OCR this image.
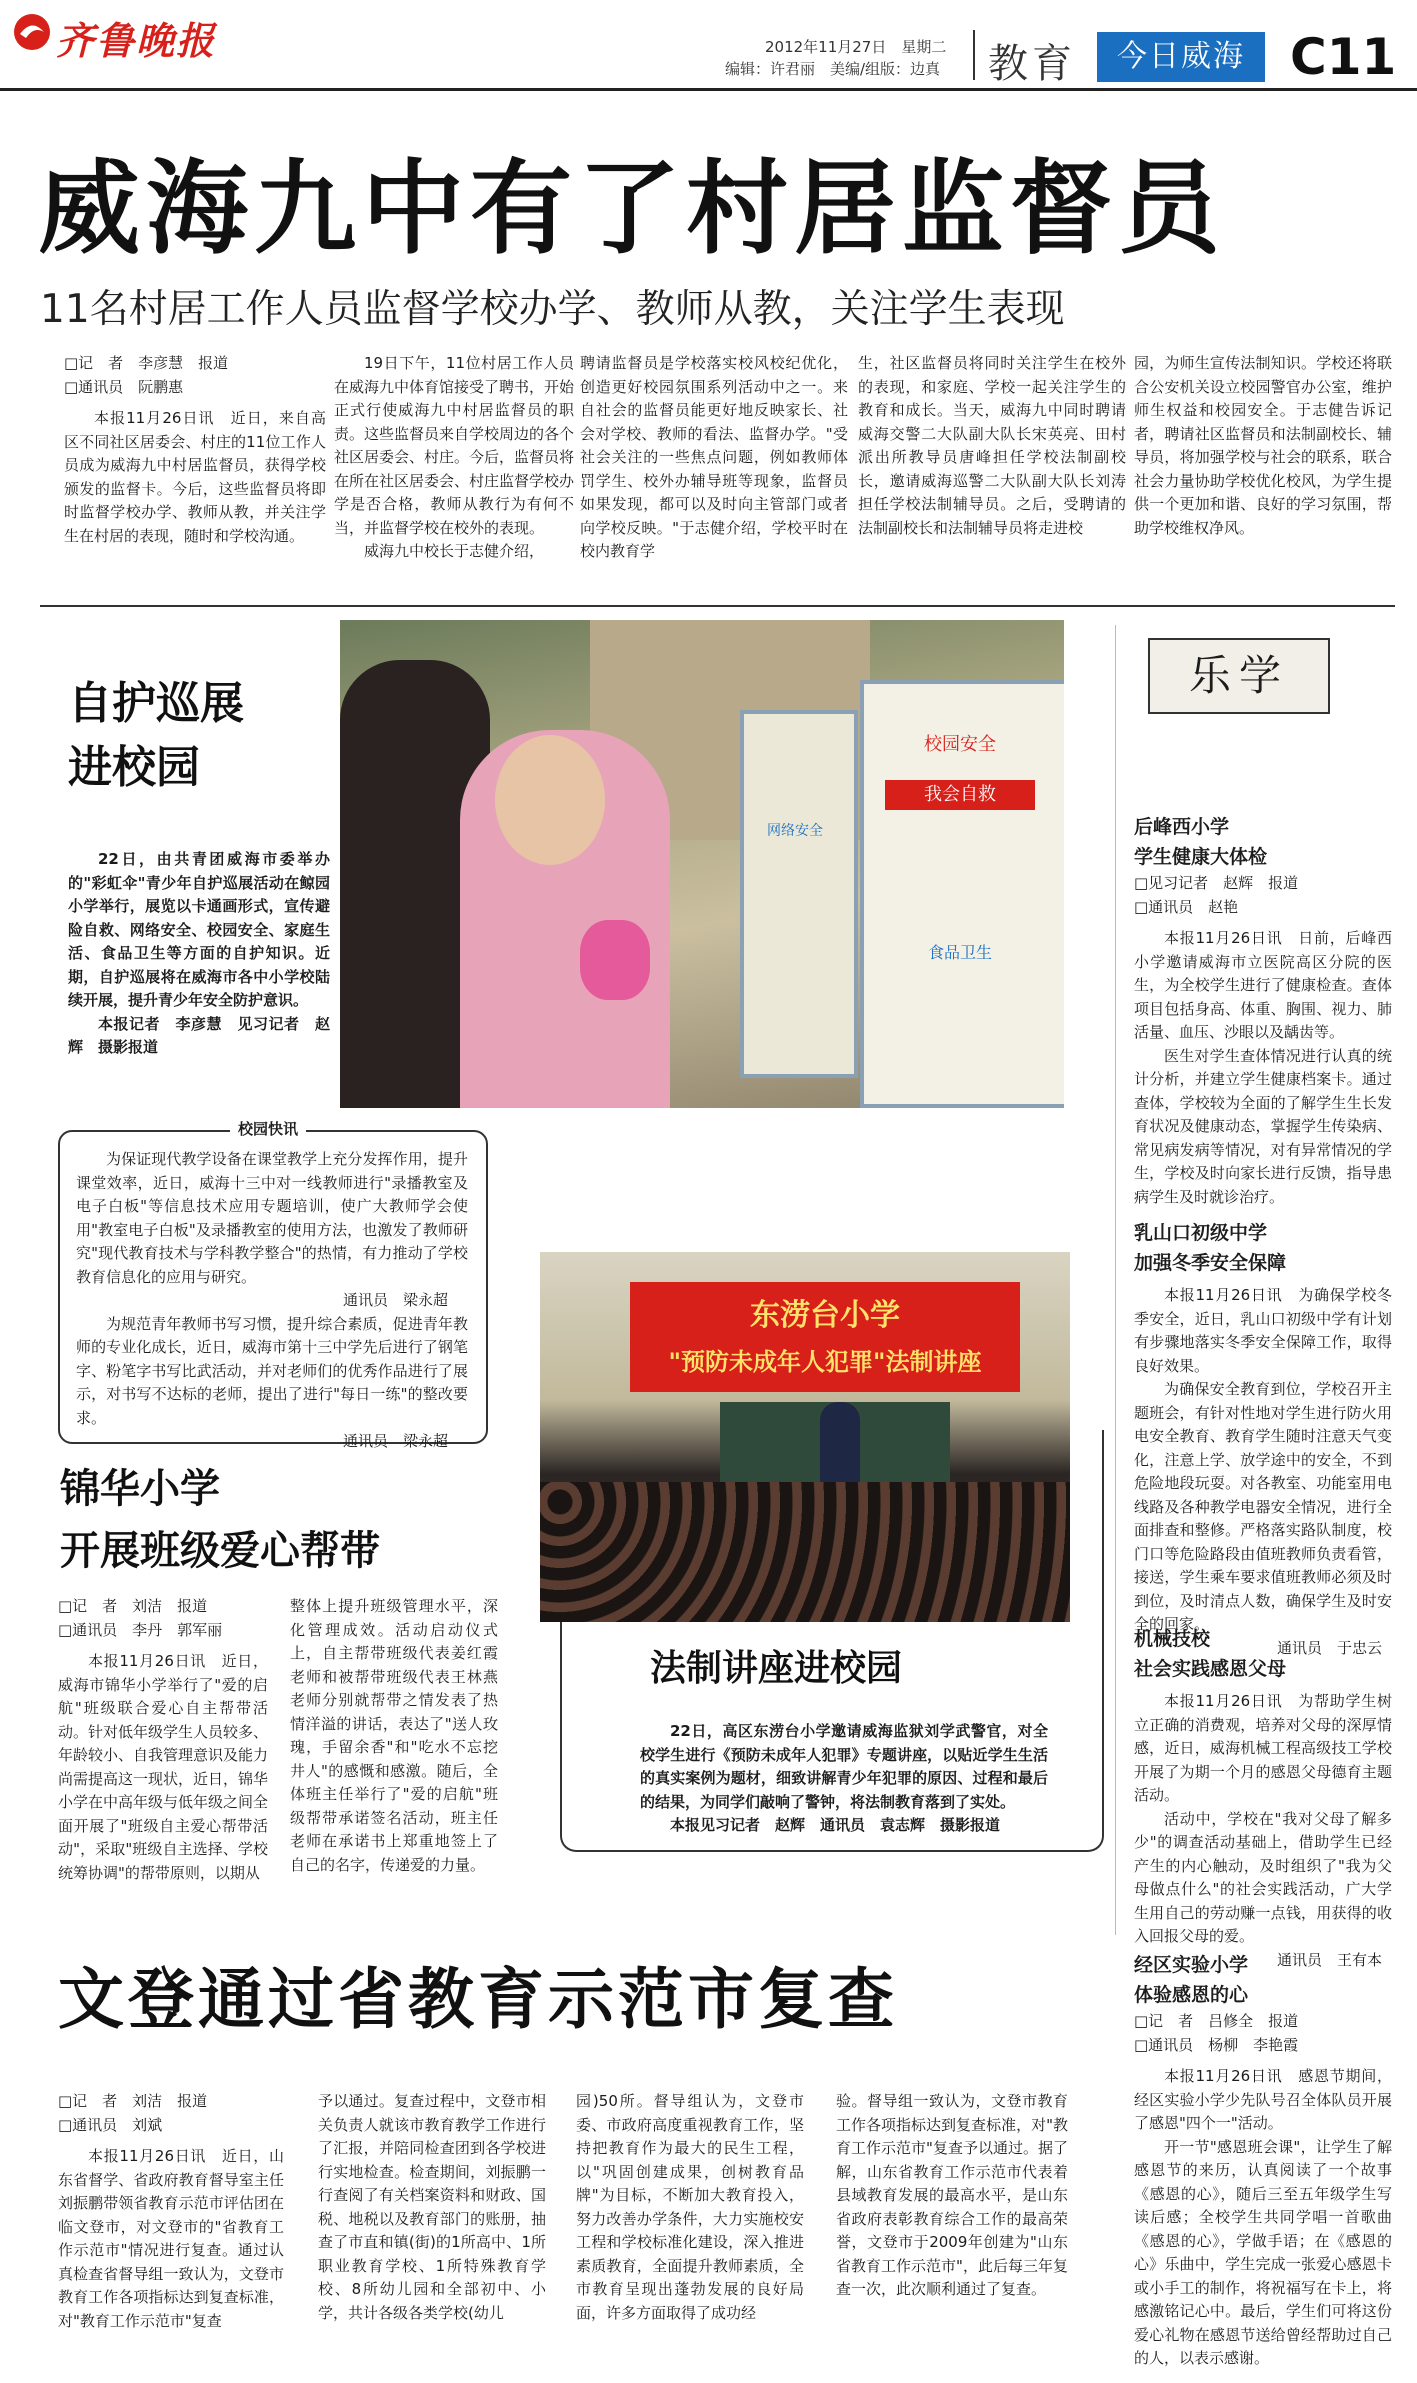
齐鲁晚报	2012年11月27日　星期二
编辑：许君丽　美编/组版：边真 教育	今日威海 C11
威海九中有了村居监督员
11名村居工作人员监督学校办学、教师从教，关注学生表现
□记　者　李彦慧　报道
□通讯员　阮鹏惠

本报11月26日讯　近日，来自高区不同社区居委会、村庄的11位工作人员成为威海九中村居监督员，获得学校颁发的监督卡。今后，这些监督员将即时监督学校办学、教师从教，并关注学生在村居的表现，随时和学校沟通。

19日下午，11位村居工作人员在威海九中体育馆接受了聘书，开始正式行使威海九中村居监督员的职责。这些监督员来自学校周边的各个社区居委会、村庄。今后，监督员将在所在社区居委会、村庄监督学校办学是否合格，教师从教行为有何不当，并监督学校在校外的表现。

威海九中校长于志健介绍，

聘请监督员是学校落实校风校纪优化，创造更好校园氛围系列活动中之一。来自社会的监督员能更好地反映家长、社会对学校、教师的看法、监督办学。"受社会关注的一些焦点问题，例如教师体罚学生、校外办辅导班等现象，监督员如果发现，都可以及时向主管部门或者向学校反映。"于志健介绍，学校平时在校内教育学

生，社区监督员将同时关注学生在校外的表现，和家庭、学校一起关注学生的教育和成长。当天，威海九中同时聘请威海交警二大队副大队长宋英亮、田村派出所教导员唐峰担任学校法制副校长，邀请威海巡警二大队副大队长刘涛担任学校法制辅导员。之后，受聘请的法制副校长和法制辅导员将走进校

园，为师生宣传法制知识。学校还将联合公安机关设立校园警官办公室，维护师生权益和校园安全。于志健告诉记者，聘请社区监督员和法制副校长、辅导员，将加强学校与社会的联系，联合社会力量协助学校优化校风，为学生提供一个更加和谐、良好的学习氛围，帮助学校维权净风。

自护巡展
进校园

22日，由共青团威海市委举办的"彩虹伞"青少年自护巡展活动在鲸园小学举行，展览以卡通画形式，宣传避险自救、网络安全、校园安全、家庭生活、食品卫生等方面的自护知识。近期，自护巡展将在威海市各中小学校陆续开展，提升青少年安全防护意识。

本报记者　李彦慧　见习记者　赵辉　摄影报道

我会自救
校园安全
食品卫生
网络安全
校园快讯

为保证现代教学设备在课堂教学上充分发挥作用，提升课堂效率，近日，威海十三中对一线教师进行"录播教室及电子白板"等信息技术应用专题培训，使广大教师学会使用"教室电子白板"及录播教室的使用方法，也激发了教师研究"现代教育技术与学科教学整合"的热情，有力推动了学校教育信息化的应用与研究。

通讯员　梁永超

为规范青年教师书写习惯，提升综合素质，促进青年教师的专业化成长，近日，威海市第十三中学先后进行了钢笔字、粉笔字书写比武活动，并对老师们的优秀作品进行了展示，对书写不达标的老师，提出了进行"每日一练"的整改要求。

通讯员　梁永超
锦华小学
开展班级爱心帮带
□记　者　刘洁　报道
□通讯员　李丹　郭军丽

本报11月26日讯　近日，威海市锦华小学举行了"爱的启航"班级联合爱心自主帮带活动。针对低年级学生人员较多、年龄较小、自我管理意识及能力尚需提高这一现状，近日，锦华小学在中高年级与低年级之间全面开展了"班级自主爱心帮带活动"，采取"班级自主选择、学校统筹协调"的帮带原则，以期从

整体上提升班级管理水平，深化管理成效。活动启动仪式上，自主帮带班级代表姜红霞老师和被帮带班级代表王林燕老师分别就帮带之情发表了热情洋溢的讲话，表达了"送人玫瑰，手留余香"和"吃水不忘挖井人"的感慨和感激。随后，全体班主任举行了"爱的启航"班级帮带承诺签名活动，班主任老师在承诺书上郑重地签上了自己的名字，传递爱的力量。

东涝台小学
"预防未成年人犯罪"法制讲座
法制讲座进校园

22日，高区东涝台小学邀请威海监狱刘学武警官，对全校学生进行《预防未成年人犯罪》专题讲座，以贴近学生生活的真实案例为题材，细致讲解青少年犯罪的原因、过程和最后的结果，为同学们敲响了警钟，将法制教育落到了实处。

本报见习记者　赵辉　通讯员　袁志辉　摄影报道

乐学
后峰西小学
学生健康大体检
□见习记者　赵辉　报道
□通讯员　赵艳

本报11月26日讯　日前，后峰西小学邀请威海市立医院高区分院的医生，为全校学生进行了健康检查。查体项目包括身高、体重、胸围、视力、肺活量、血压、沙眼以及龋齿等。

医生对学生查体情况进行认真的统计分析，并建立学生健康档案卡。通过查体，学校较为全面的了解学生生长发育状况及健康动态，掌握学生传染病、常见病发病等情况，对有异常情况的学生，学校及时向家长进行反馈，指导患病学生及时就诊治疗。

乳山口初级中学
加强冬季安全保障

本报11月26日讯　为确保学校冬季安全，近日，乳山口初级中学有计划有步骤地落实冬季安全保障工作，取得良好效果。

为确保安全教育到位，学校召开主题班会，有针对性地对学生进行防火用电安全教育、教育学生随时注意天气变化，注意上学、放学途中的安全，不到危险地段玩耍。对各教室、功能室用电线路及各种教学电器安全情况，进行全面排查和整修。严格落实路队制度，校门口等危险路段由值班教师负责看管，接送，学生乘车要求值班教师必须及时到位，及时清点人数，确保学生及时安全的回家。

通讯员　于忠云
机械技校
社会实践感恩父母

本报11月26日讯　为帮助学生树立正确的消费观，培养对父母的深厚情感，近日，威海机械工程高级技工学校开展了为期一个月的感恩父母德育主题活动。

活动中，学校在"我对父母了解多少"的调查活动基础上，借助学生已经产生的内心触动，及时组织了"我为父母做点什么"的社会实践活动，广大学生用自己的劳动赚一点钱，用获得的收入回报父母的爱。

通讯员　王有本
经区实验小学
体验感恩的心
□记　者　吕修全　报道
□通讯员　杨柳　李艳霞

本报11月26日讯　感恩节期间，经区实验小学少先队号召全体队员开展了感恩"四个一"活动。

开一节"感恩班会课"，让学生了解感恩节的来历，认真阅读了一个故事《感恩的心》，随后三至五年级学生写读后感；全校学生共同学唱一首歌曲《感恩的心》，学做手语；在《感恩的心》乐曲中，学生完成一张爱心感恩卡或小手工的制作，将祝福写在卡上，将感激铭记心中。最后，学生们可将这份爱心礼物在感恩节送给曾经帮助过自己的人，以表示感谢。

文登通过省教育示范市复查
□记　者　刘洁　报道
□通讯员　刘斌

本报11月26日讯　近日，山东省督学、省政府教育督导室主任刘振鹏带领省教育示范市评估团在临文登市，对文登市的"省教育工作示范市"情况进行复查。通过认真检查省督导组一致认为，文登市教育工作各项指标达到复查标准，对"教育工作示范市"复查

予以通过。复查过程中，文登市相关负责人就该市教育教学工作进行了汇报，并陪同检查团到各学校进行实地检查。检查期间，刘振鹏一行查阅了有关档案资料和财政、国税、地税以及教育部门的账册，抽查了市直和镇(街)的1所高中、1所职业教育学校、1所特殊教育学校、8所幼儿园和全部初中、小学，共计各级各类学校(幼儿

园)50所。督导组认为，文登市委、市政府高度重视教育工作，坚持把教育作为最大的民生工程，以"巩固创建成果，创树教育品牌"为目标，不断加大教育投入，努力改善办学条件，大力实施校安工程和学校标准化建设，深入推进素质教育，全面提升教师素质，全市教育呈现出蓬勃发展的良好局面，许多方面取得了成功经

验。督导组一致认为，文登市教育工作各项指标达到复查标准，对"教育工作示范市"复查予以通过。据了解，山东省教育工作示范市代表着县域教育发展的最高水平，是山东省政府表彰教育综合工作的最高荣誉，文登市于2009年创建为"山东省教育工作示范市"，此后每三年复查一次，此次顺利通过了复查。
